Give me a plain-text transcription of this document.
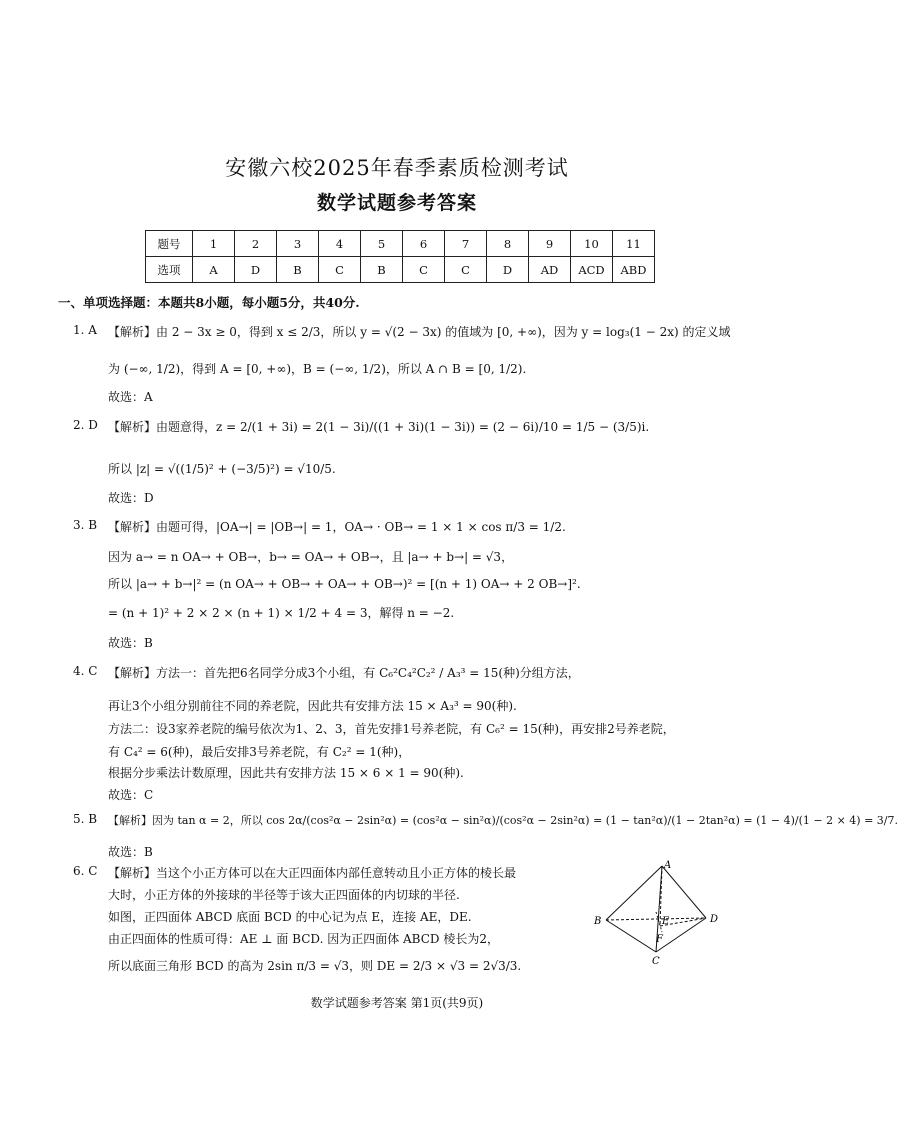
安徽六校2025年春季素质检测考试
数学试题参考答案
题号	1	2	3	4	5	6	7	8	9	10	11
选项	A	D	B	C	B	C	C	D	AD	ACD	ABD
一、单项选择题：本题共8小题，每小题5分，共40分.
1. A 【解析】由 2 − 3x ≥ 0，得到 x ≤ 2/3，所以 y = √(2 − 3x) 的值域为 [0, +∞)，因为 y = log₃(1 − 2x) 的定义域
为 (−∞, 1/2)，得到 A = [0, +∞)，B = (−∞, 1/2)，所以 A ∩ B = [0, 1/2).
故选：A
2. D 【解析】由题意得，z = 2/(1 + 3i) = 2(1 − 3i)/((1 + 3i)(1 − 3i)) = (2 − 6i)/10 = 1/5 − (3/5)i.
所以 |z| = √((1/5)² + (−3/5)²) = √10/5.
故选：D
3. B 【解析】由题可得，|OA→| = |OB→| = 1，OA→ · OB→ = 1 × 1 × cos π/3 = 1/2.
因为 a→ = n OA→ + OB→，b→ = OA→ + OB→，且 |a→ + b→| = √3，
所以 |a→ + b→|² = (n OA→ + OB→ + OA→ + OB→)² = [(n + 1) OA→ + 2 OB→]².
= (n + 1)² + 2 × 2 × (n + 1) × 1/2 + 4 = 3，解得 n = −2.
故选：B
4. C 【解析】方法一：首先把6名同学分成3个小组，有 C₆²C₄²C₂² / A₃³ = 15(种)分组方法，
再让3个小组分别前往不同的养老院，因此共有安排方法 15 × A₃³ = 90(种).
方法二：设3家养老院的编号依次为1、2、3，首先安排1号养老院，有 C₆² = 15(种)，再安排2号养老院，
有 C₄² = 6(种)，最后安排3号养老院，有 C₂² = 1(种)，
根据分步乘法计数原理，因此共有安排方法 15 × 6 × 1 = 90(种).
故选：C
5. B 【解析】因为 tan α = 2，所以 cos 2α/(cos²α − 2sin²α) = (cos²α − sin²α)/(cos²α − 2sin²α) = (1 − tan²α)/(1 − 2tan²α) = (1 − 4)/(1 − 2 × 4) = 3/7.
故选：B
6. C 【解析】当这个小正方体可以在大正四面体内部任意转动且小正方体的棱长最
大时，小正方体的外接球的半径等于该大正四面体的内切球的半径.
如图，正四面体 ABCD 底面 BCD 的中心记为点 E，连接 AE，DE.
由正四面体的性质可得：AE ⊥ 面 BCD. 因为正四面体 ABCD 棱长为2，
所以底面三角形 BCD 的高为 2sin π/3 = √3，则 DE = 2/3 × √3 = 2√3/3.
A
B
C
D
E
F
数学试题参考答案 第1页(共9页)
